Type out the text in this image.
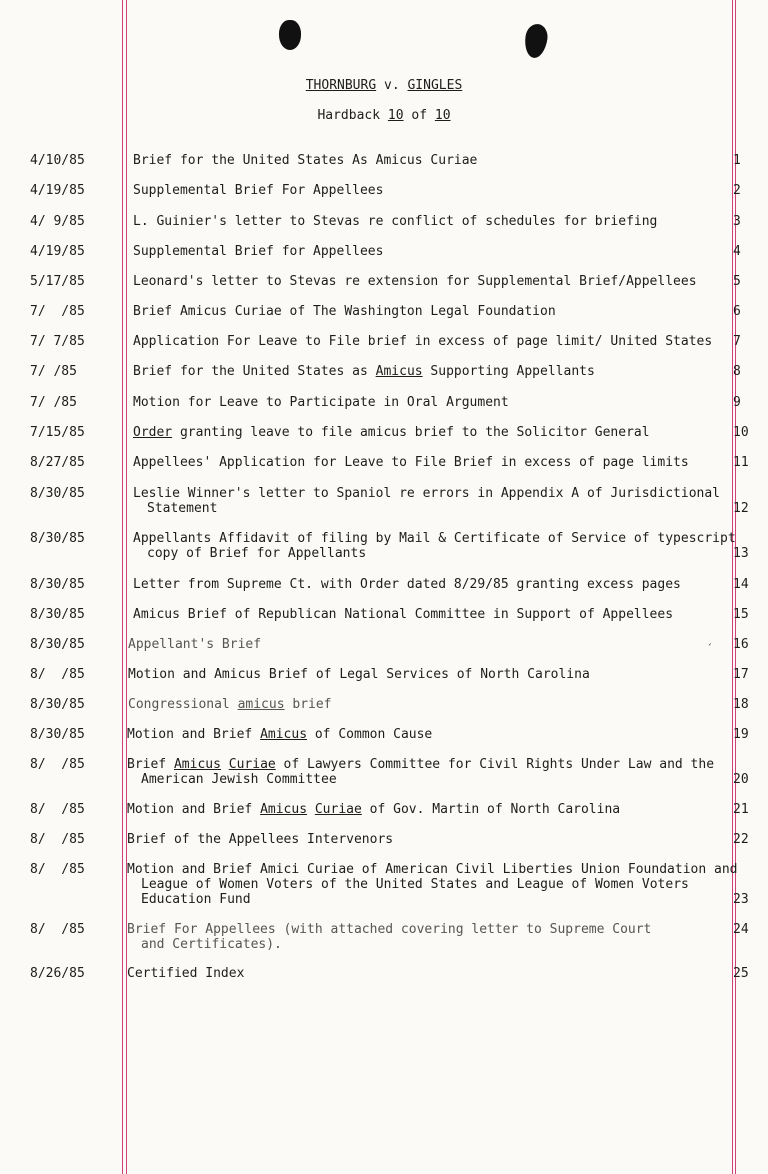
THORNBURG v. GINGLES
Hardback 10 of 10
4/10/85	Brief for the United States As Amicus Curiae	1
4/19/85	Supplemental Brief For Appellees	2
4/ 9/85	L. Guinier's letter to Stevas re conflict of schedules for briefing	3
4/19/85	Supplemental Brief for Appellees	4
5/17/85	Leonard's letter to Stevas re extension for Supplemental Brief/Appellees	5
7/  /85	Brief Amicus Curiae of The Washington Legal Foundation	6
7/ 7/85	Application For Leave to File brief in excess of page limit/ United States	7
7/ /85	Brief for the United States as Amicus Supporting Appellants	8
7/ /85	Motion for Leave to Participate in Oral Argument	9
7/15/85	Order granting leave to file amicus brief to the Solicitor General	10
8/27/85	Appellees' Application for Leave to File Brief in excess of page limits	11
8/30/85	Leslie Winner's letter to Spaniol re errors in Appendix A of Jurisdictional
Statement	12
8/30/85	Appellants Affidavit of filing by Mail & Certificate of Service of typescript
copy of Brief for Appellants	13
8/30/85	Letter from Supreme Ct. with Order dated 8/29/85 granting excess pages	14
8/30/85	Amicus Brief of Republican National Committee in Support of Appellees	15
8/30/85	Appellant's Brief	16
´
8/  /85	Motion and Amicus Brief of Legal Services of North Carolina	17
8/30/85	Congressional amicus brief	18
8/30/85	Motion and Brief Amicus of Common Cause	19
8/  /85	Brief Amicus Curiae of Lawyers Committee for Civil Rights Under Law and the
American Jewish Committee	20
8/  /85	Motion and Brief Amicus Curiae of Gov. Martin of North Carolina	21
8/  /85	Brief of the Appellees Intervenors	22
8/  /85	Motion and Brief Amici Curiae of American Civil Liberties Union Foundation and
League of Women Voters of the United States and League of Women Voters
Education Fund	23
8/  /85	Brief For Appellees (with attached covering letter to Supreme Court
and Certificates).
24
8/26/85	Certified Index	25
